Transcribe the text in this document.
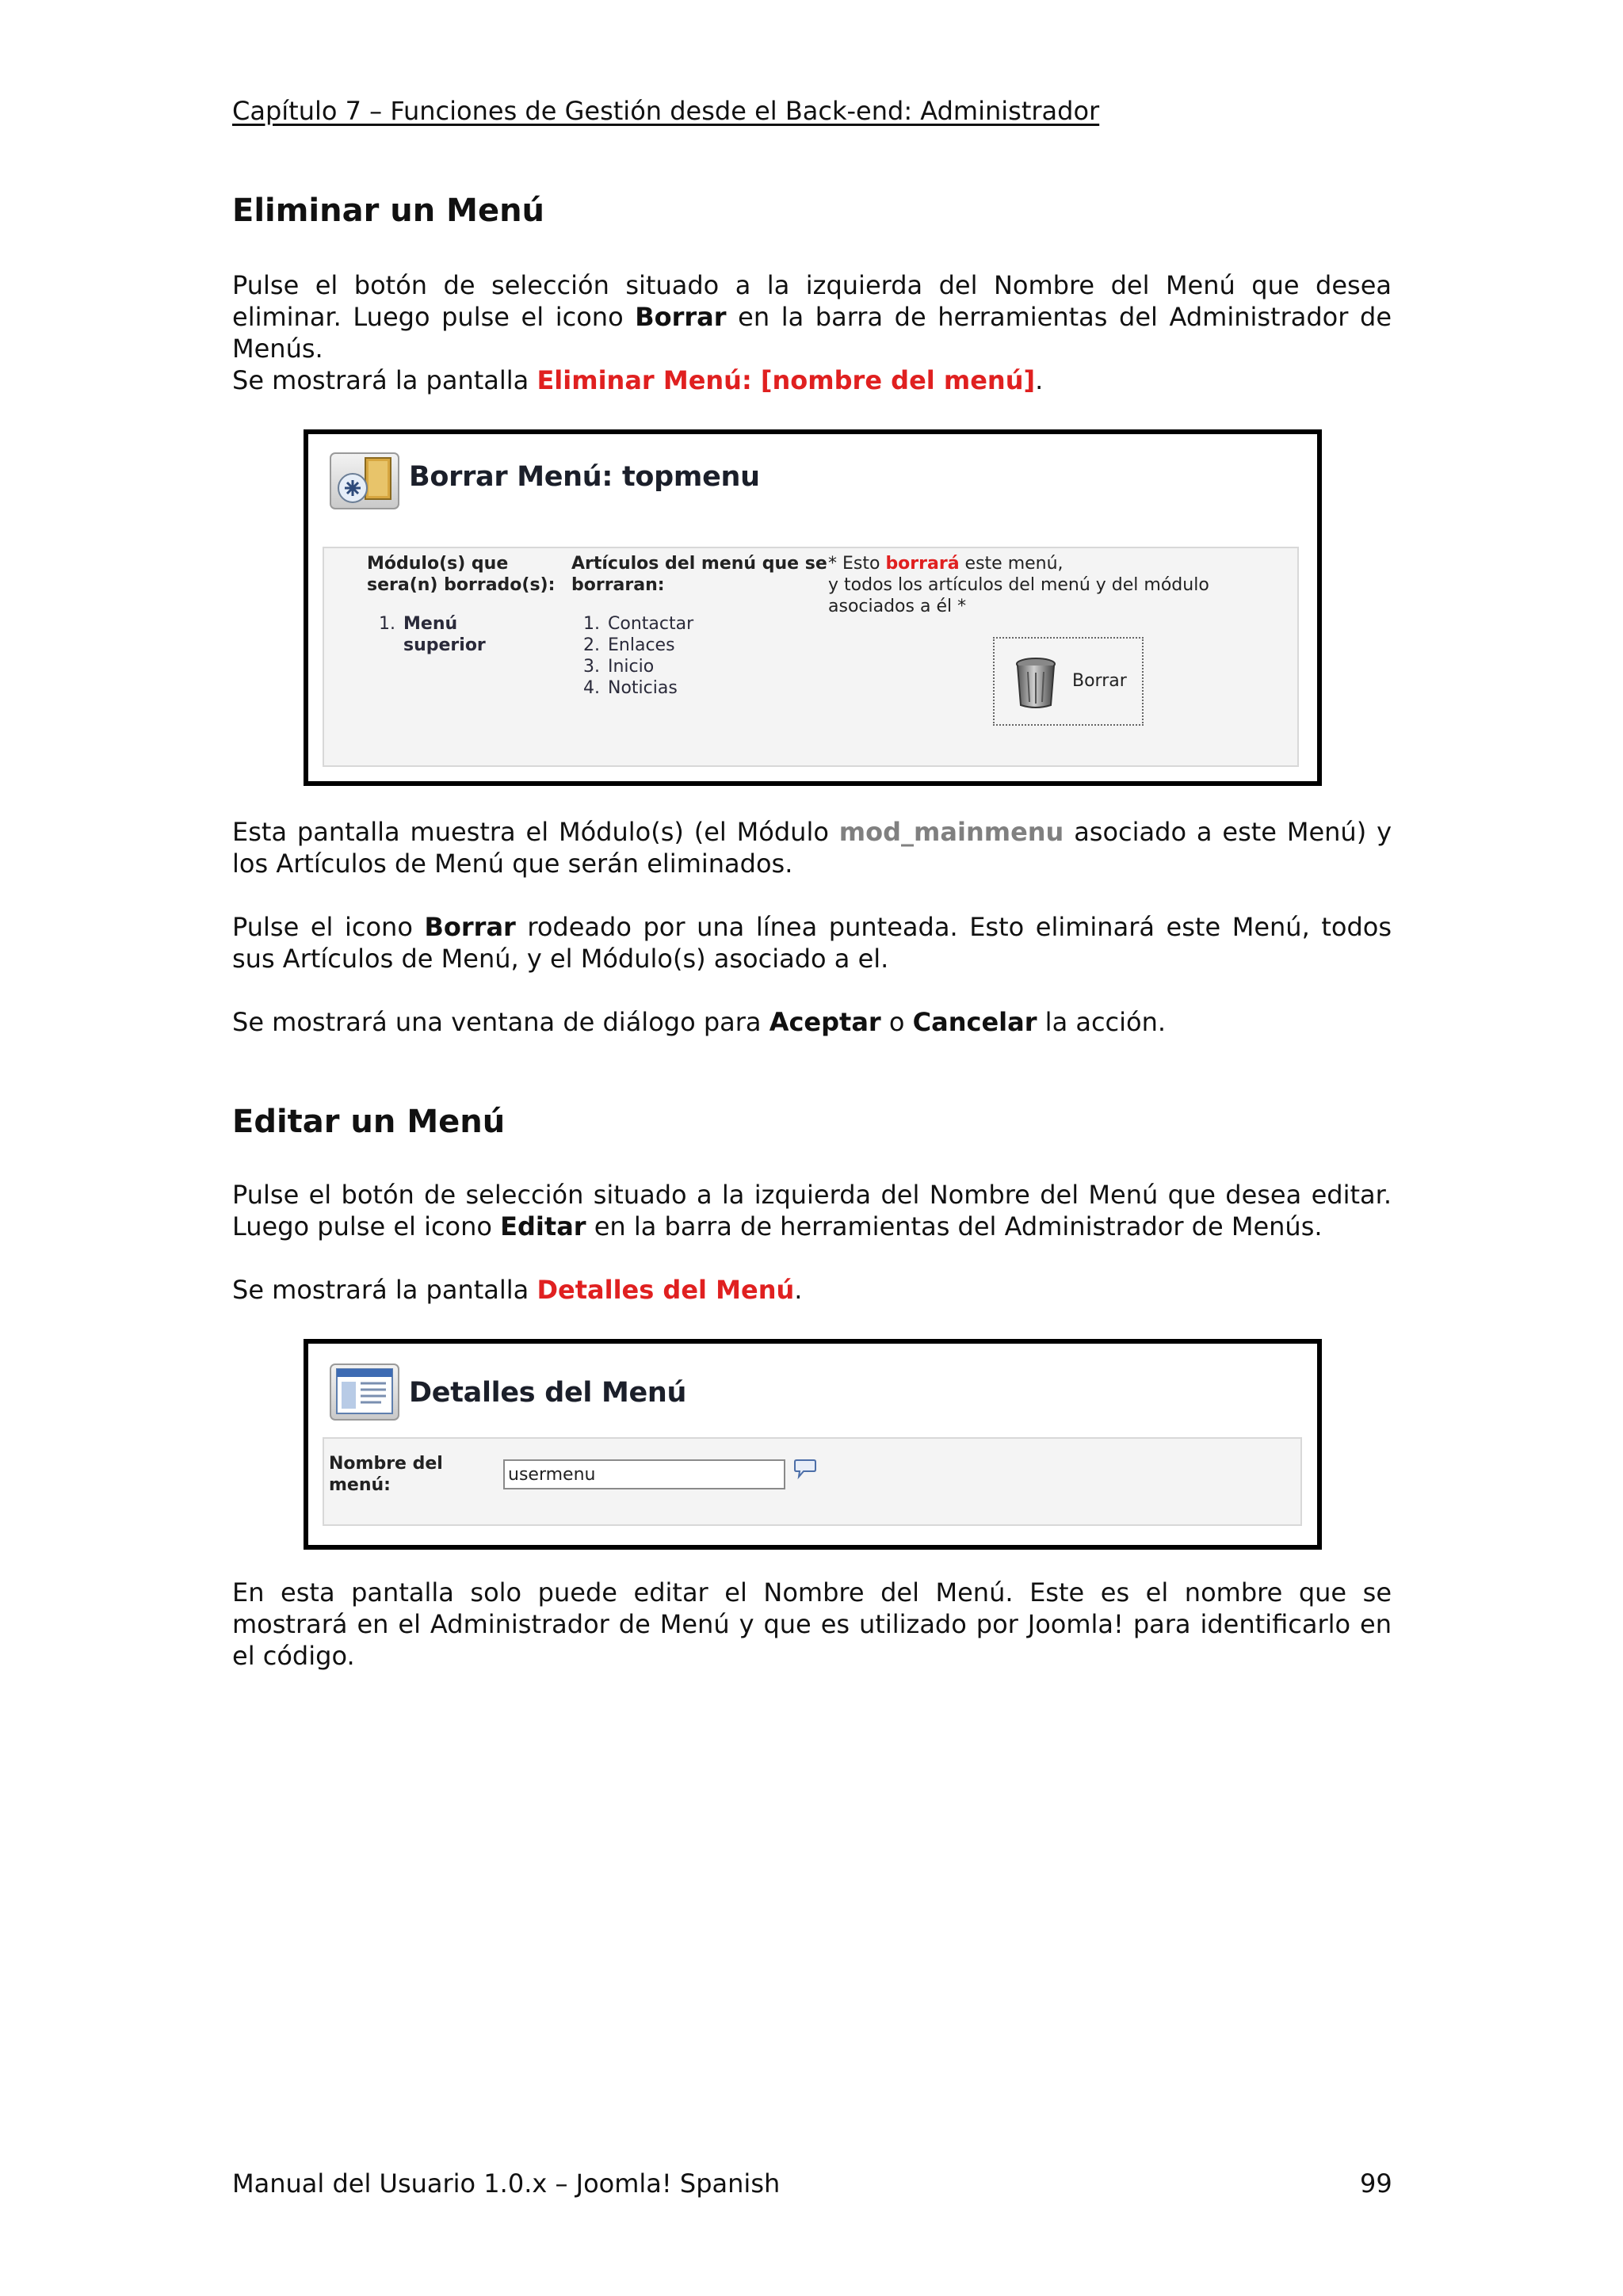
Capítulo 7 – Funciones de Gestión desde el Back-end: Administrador
Eliminar un Menú

Pulse el botón de selección situado a la izquierda del Nombre del Menú que desea eliminar. Luego pulse el icono Borrar en la barra de herramientas del Administrador de Menús.

Se mostrará la pantalla Eliminar Menú: [nombre del menú].

Borrar Menú: topmenu
Módulo(s) que
sera(n) borrado(s):
1. Menú
superior
Artículos del menú que se
borraran:
1. Contactar
2. Enlaces
3. Inicio
4. Noticias
* Esto borrará este menú,
y todos los artículos del menú y del módulo asociados a él *
Borrar

Esta pantalla muestra el Módulo(s) (el Módulo mod_mainmenu asociado a este Menú) y los Artículos de Menú que serán eliminados.

Pulse el icono Borrar rodeado por una línea punteada. Esto eliminará este Menú, todos sus Artículos de Menú, y el Módulo(s) asociado a el.

Se mostrará una ventana de diálogo para Aceptar o Cancelar la acción.

Editar un Menú

Pulse el botón de selección situado a la izquierda del Nombre del Menú que desea editar. Luego pulse el icono Editar en la barra de herramientas del Administrador de Menús.

Se mostrará la pantalla Detalles del Menú.

Detalles del Menú
Nombre del
menú:
usermenu

En esta pantalla solo puede editar el Nombre del Menú. Este es el nombre que se mostrará en el Administrador de Menú y que es utilizado por Joomla! para identificarlo en el código.

Manual del Usuario 1.0.x – Joomla! Spanish	99
